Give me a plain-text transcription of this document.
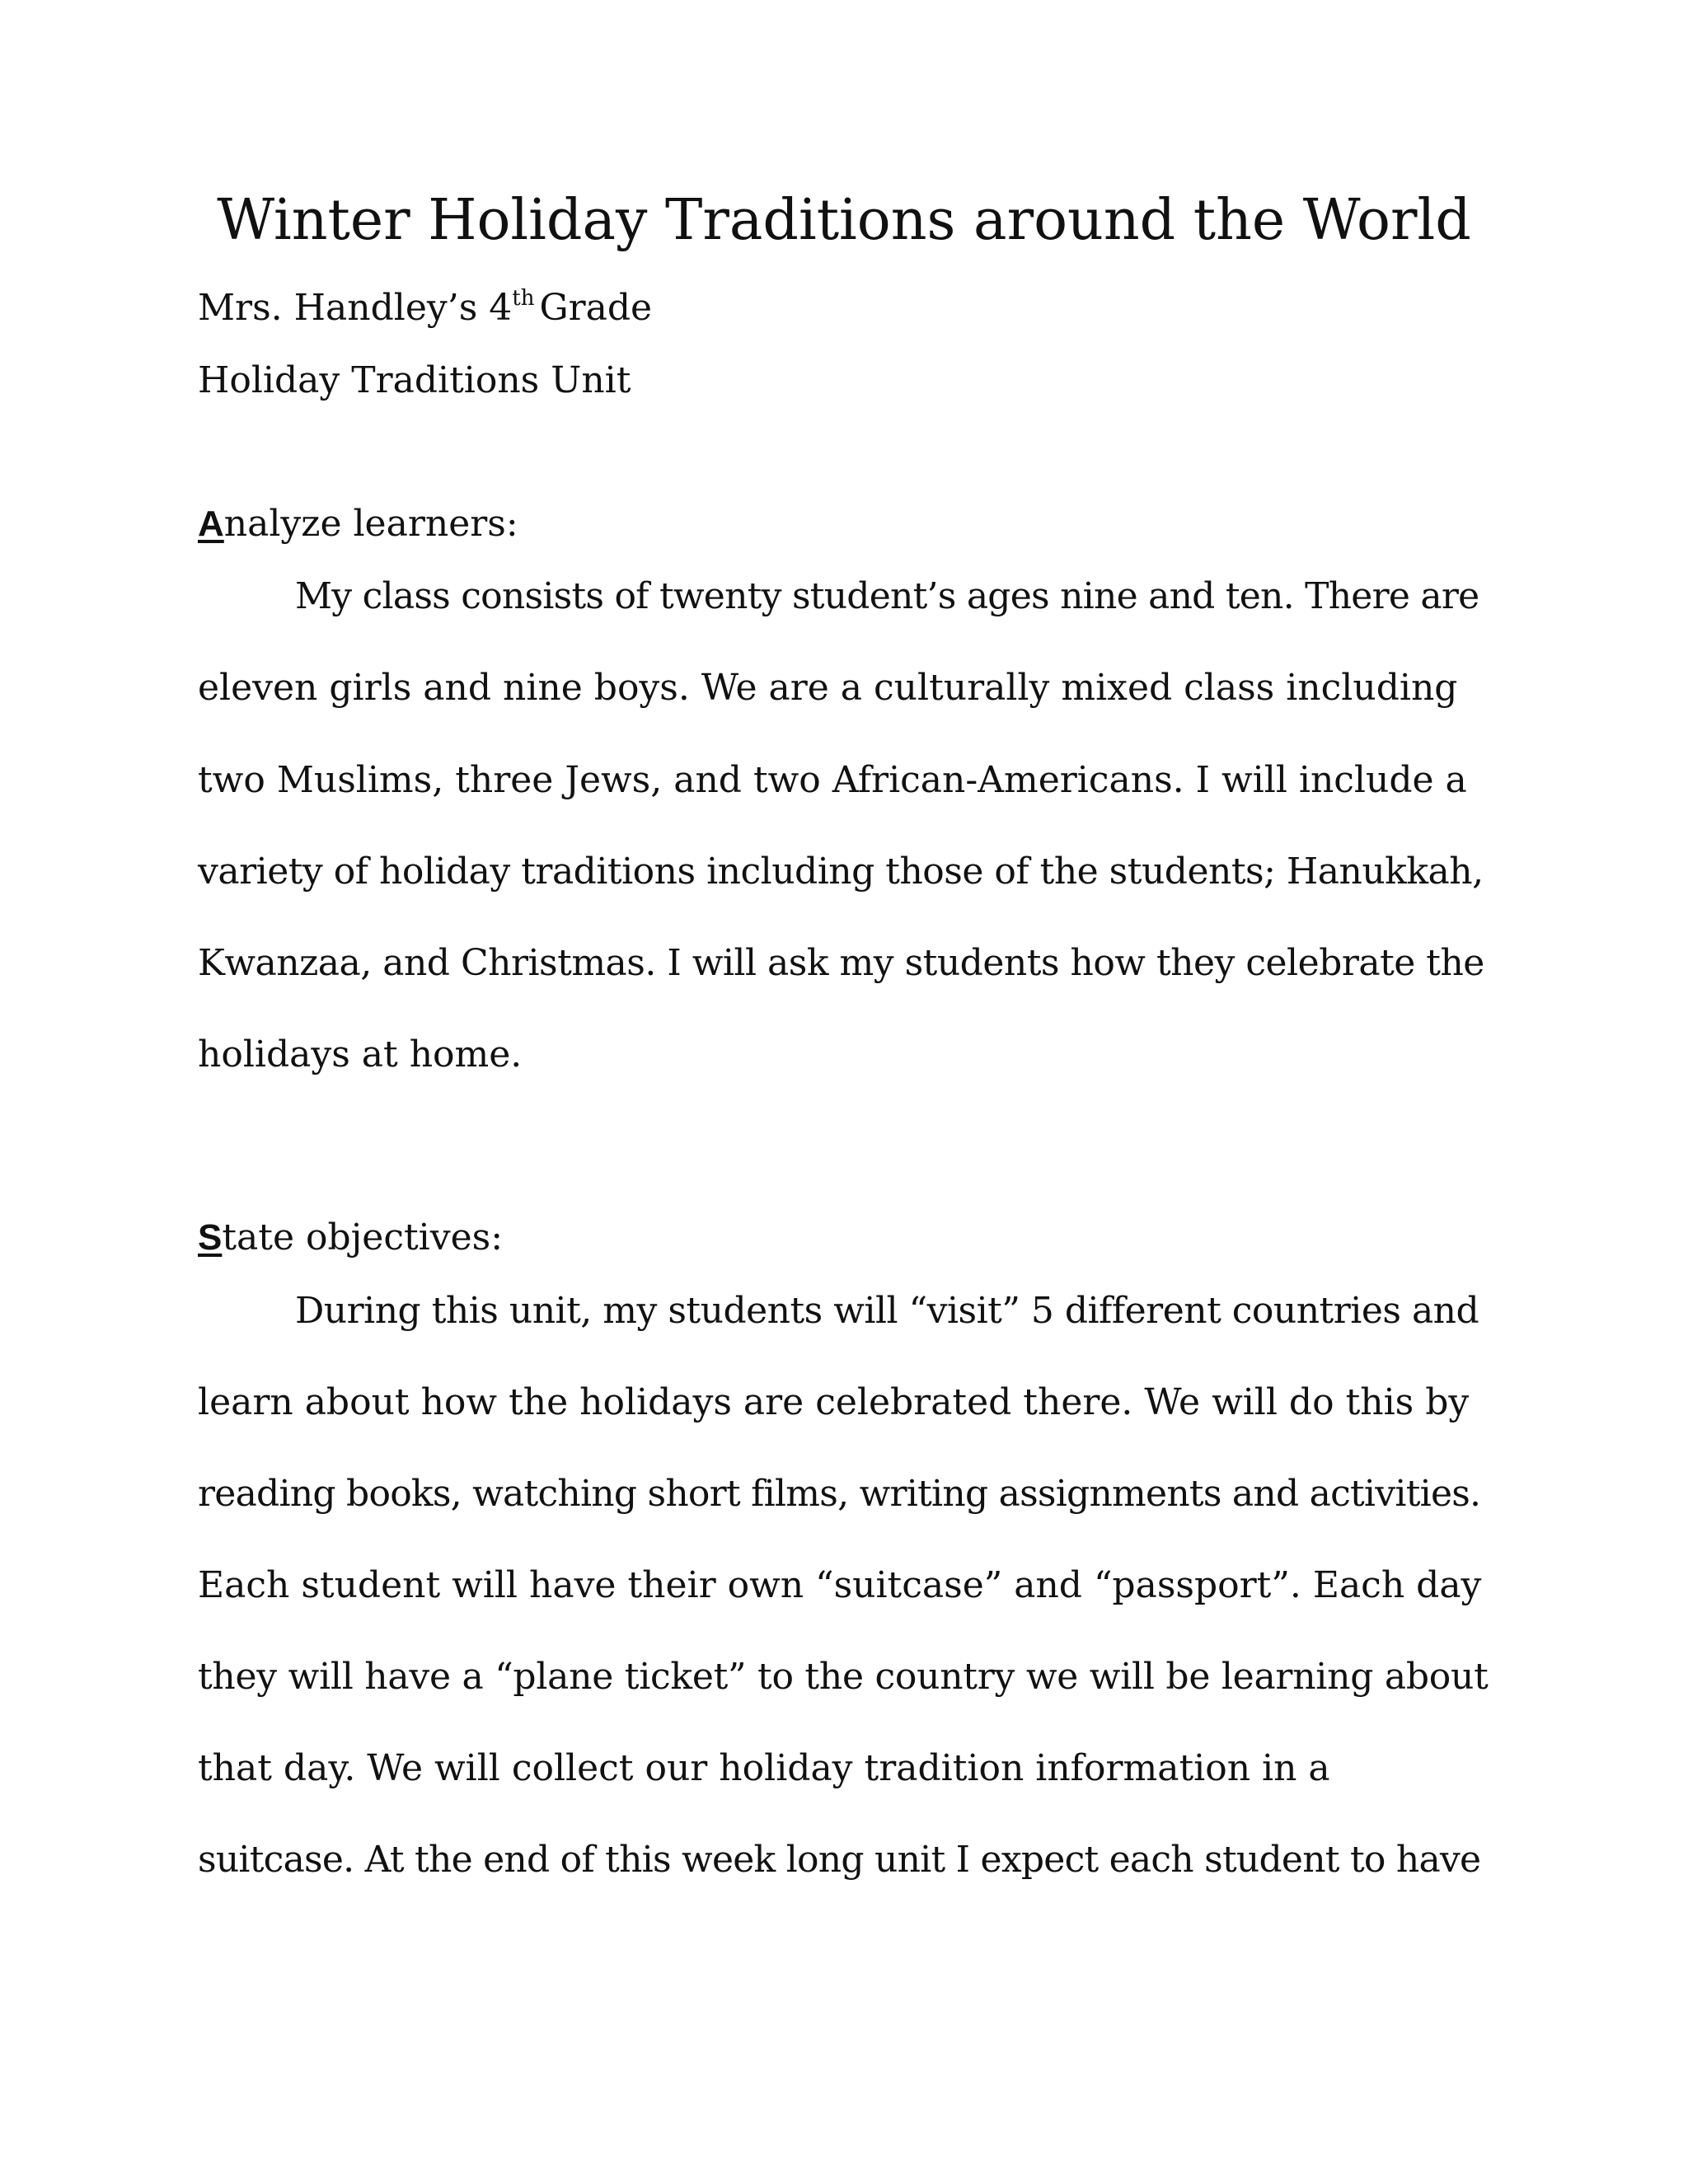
Winter Holiday Traditions around the World

Mrs. Handley’s 4th Grade

Holiday Traditions Unit

Analyze learners:

My class consists of twenty student’s ages nine and ten. There are

eleven girls and nine boys. We are a culturally mixed class including

two Muslims, three Jews, and two African-Americans. I will include a

variety of holiday traditions including those of the students; Hanukkah,

Kwanzaa, and Christmas. I will ask my students how they celebrate the

holidays at home.

State objectives:

During this unit, my students will “visit” 5 different countries and

learn about how the holidays are celebrated there. We will do this by

reading books, watching short films, writing assignments and activities.

Each student will have their own “suitcase” and “passport”. Each day

they will have a “plane ticket” to the country we will be learning about

that day. We will collect our holiday tradition information in a

suitcase. At the end of this week long unit I expect each student to have
